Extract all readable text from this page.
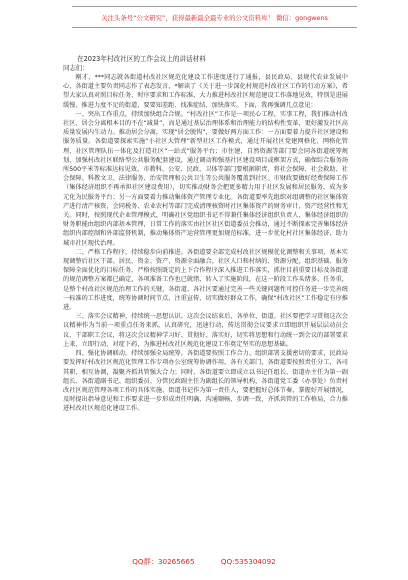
关注头条号“公文研究”，获得最新最全最专业的公文资料库！ 微信：gongwens

在2023年村改社区的工作会议上的讲话材料

同志们：

刚才，***同志就各街道村改社区规范化建设工作进度进行了通报，县民政局、县规代农业发展中心、各街道主要负责同志作了表态发言，*解读了《关于进一步深化村规范村改社区工作的行动方案》，希望大家认真对照目标任务、时序要求和工作标准，大力推进村改社区规范建设工作落地见效，特别是进展缓慢、推进力度不足的街道，要要知差距、找准症结、加快落实。下面，我再强调几点意见：

一、突出工作重点，持续加快组合合规。“村改社区”工作是一项民心工程，实事工程，我们推动村改社区、居会分离根本目的不在“减量”，而是通过基层治理体系和治理能力的结构性变革，更好激发社区高质量发展内生动力。推动居会分离，实现“居会脱钩”，要做好两方面工作：一方面要着力提升社区建设和服务质量。各街道要探索实施“小社区大管理”新型社区工作模式，通过开展社区党建网格化、网格化管理、社区管理队伍一体化及打造社区“一站式”服务平台；市住建、自然资源等部门要会同各街道统筹规划，加强村改社区联络型公共服务配套建设，通过调动和强基社区建设项目或框架方式，确保综合服务场所500平米等标准达标见效、市教科、公安、民政、卫体等部门要根据职责，将社会保障、社会救助、社会保障、科教文卫、法律服务、治安管理和公共卫生等公共服务覆盖到社区。市财政要做好经费保障工作（集体经济组织不再承担社区建设费用），切实推动财务会把更多精力用于社区发展和居民服务，成为多元化为民服务平台；另一方面要着力推动集体资产管理专业化。各街道要率先组织对组调整的社区集体资产进行清产核资，会同税务、农业农村等部门完成清理核资时社区集体资产的财务审计，资产经营性和无关。同时，按照现代企业管理模式，明确社区党组织书记不得兼任集体经济组织负责人、集体经济组织的财务职能由组织内部基本管理，日常工作的落实由社区社区街道委员会推动，通过不断探索完善集体经济组织内部控制和外部监督机制，推动集体资产运营管理更加规范标准，进一步优化村社区集体经济，助力城市社区现代治理。

二、严格工作程序，持续稳步向前推进。各街道要全部完成村改社区规模优化调整和关事项，基本实现调整后社区干部、居民、资金、资产、资源全面融合，社区人口和村纳的、资源分配、组织基础、服务保障全面优化的目标任务，严格按照既定的上下合作程序深入推进工作落实，抓住目前重要目标及各街道的规范调整方案都已确定，各项准备工作也已就绪，转入了实施阶段，在这一阶段工作头绪多、任务重，是整个村改社区规范治理工作的关键，各街道、各社区要通过完善一些关键问题性可控任务进一步完善统一标准的工作进度，统筹协调时间节点，注重宣传、切实做好群众工作，确保“村改社区”工作稳定有序推进。

三、落实会议精神，持续统一思想认识。这次会议结束后，各单位、街道、社区要把学习贯彻这次会议精神作为当前一项重点任务来抓，认真研究，迅速行动，传达贯彻会议要求立即组织开展层层动员会议、干部职工会议，将这次会议精神学习好、贯彻好、落实好，切实将思想和行动统一到会议的部署要求上来，立即行动，对症下药，为推进村改社区规范化建设工作奠定坚实的思想基础。

四、强化协调联动，持续加强全局统筹。各街道要按照工作合力、组织部署支援密切的要求，民政局要发挥好村改社区规范化管理工作专项办公室统筹协调作用，各有关部门，各街道要按照责任分工，各司其职、相互协调，凝聚齐抓共管强大合力；同时，各街道要立即成立以书记任组长、街道办主任为第一副组长、各街道副书记、组织委员、分管民政副主任为副组长的领导机构，各街道党工委（办事处）负责村改社区规范管理各项工作的具体实施，街道书记作为第一责任人，要把握好总体节奏，掌握好开展情况，及时提出指导意见和工作要求进一步形成责任明确、沟通顺畅、步调一致、齐抓共管的工作格局，合力推进村改社区规范化建设工作。

QQ群：30265665	QQ:535304092
